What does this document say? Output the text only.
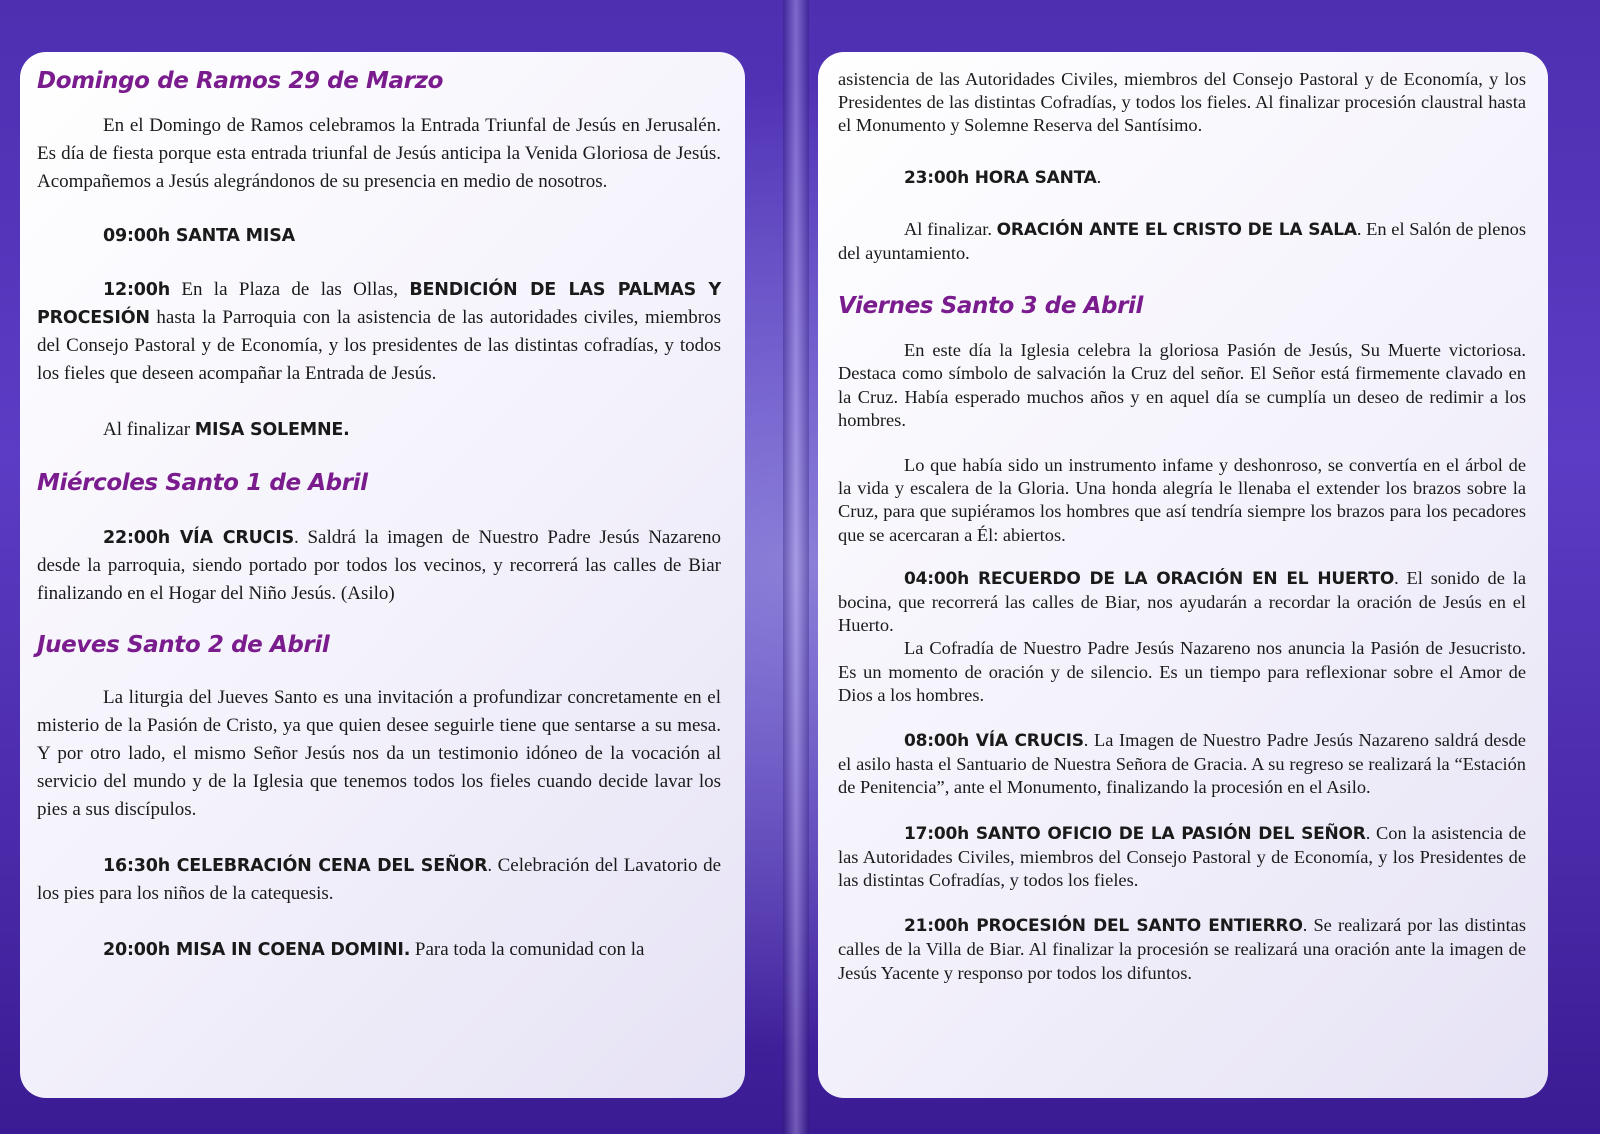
Domingo de Ramos 29 de Marzo

En el Domingo de Ramos celebramos la Entrada Triunfal de Jesús en Jerusalén. Es día de fiesta porque esta entrada triunfal de Jesús anticipa la Venida Gloriosa de Jesús. Acompañemos a Jesús alegrándonos de su presencia en medio de nosotros.

09:00h SANTA MISA

12:00h En la Plaza de las Ollas, BENDICIÓN DE LAS PALMAS Y PROCESIÓN hasta la Parroquia con la asistencia de las autoridades civiles, miembros del Consejo Pastoral y de Economía, y los presidentes de las distintas cofradías, y todos los fieles que deseen acompañar la Entrada de Jesús.

Al finalizar MISA SOLEMNE.

Miércoles Santo 1 de Abril

22:00h VÍA CRUCIS. Saldrá la imagen de Nuestro Padre Jesús Nazareno desde la parroquia, siendo portado por todos los vecinos, y recorrerá las calles de Biar finalizando en el Hogar del Niño Jesús. (Asilo)

Jueves Santo 2 de Abril

La liturgia del Jueves Santo es una invitación a profundizar concretamente en el misterio de la Pasión de Cristo, ya que quien desee seguirle tiene que sentarse a su mesa. Y por otro lado, el mismo Señor Jesús nos da un testimonio idóneo de la vocación al servicio del mundo y de la Iglesia que tenemos todos los fieles cuando decide lavar los pies a sus discípulos.

16:30h CELEBRACIÓN CENA DEL SEÑOR. Celebración del Lavatorio de los pies para los niños de la catequesis.

20:00h MISA IN COENA DOMINI. Para toda la comunidad con la

asistencia de las Autoridades Civiles, miembros del Consejo Pastoral y de Economía, y los Presidentes de las distintas Cofradías, y todos los fieles. Al finalizar procesión claustral hasta el Monumento y Solemne Reserva del Santísimo.

23:00h HORA SANTA.

Al finalizar. ORACIÓN ANTE EL CRISTO DE LA SALA. En el Salón de plenos del ayuntamiento.

Viernes Santo 3 de Abril

En este día la Iglesia celebra la gloriosa Pasión de Jesús, Su Muerte victoriosa. Destaca como símbolo de salvación la Cruz del señor. El Señor está firmemente clavado en la Cruz. Había esperado muchos años y en aquel día se cumplía un deseo de redimir a los hombres.

Lo que había sido un instrumento infame y deshonroso, se convertía en el árbol de la vida y escalera de la Gloria. Una honda alegría le llenaba el extender los brazos sobre la Cruz, para que supiéramos los hombres que así tendría siempre los brazos para los pecadores que se acercaran a Él: abiertos.

04:00h RECUERDO DE LA ORACIÓN EN EL HUERTO. El sonido de la bocina, que recorrerá las calles de Biar, nos ayudarán a recordar la oración de Jesús en el Huerto.

La Cofradía de Nuestro Padre Jesús Nazareno nos anuncia la Pasión de Jesucristo. Es un momento de oración y de silencio. Es un tiempo para reflexionar sobre el Amor de Dios a los hombres.

08:00h VÍA CRUCIS. La Imagen de Nuestro Padre Jesús Nazareno saldrá desde el asilo hasta el Santuario de Nuestra Señora de Gracia. A su regreso se realizará la “Estación de Penitencia”, ante el Monumento, finalizando la procesión en el Asilo.

17:00h SANTO OFICIO DE LA PASIÓN DEL SEÑOR. Con la asistencia de las Autoridades Civiles, miembros del Consejo Pastoral y de Economía, y los Presidentes de las distintas Cofradías, y todos los fieles.

21:00h PROCESIÓN DEL SANTO ENTIERRO. Se realizará por las distintas calles de la Villa de Biar. Al finalizar la procesión se realizará una oración ante la imagen de Jesús Yacente y responso por todos los difuntos.
